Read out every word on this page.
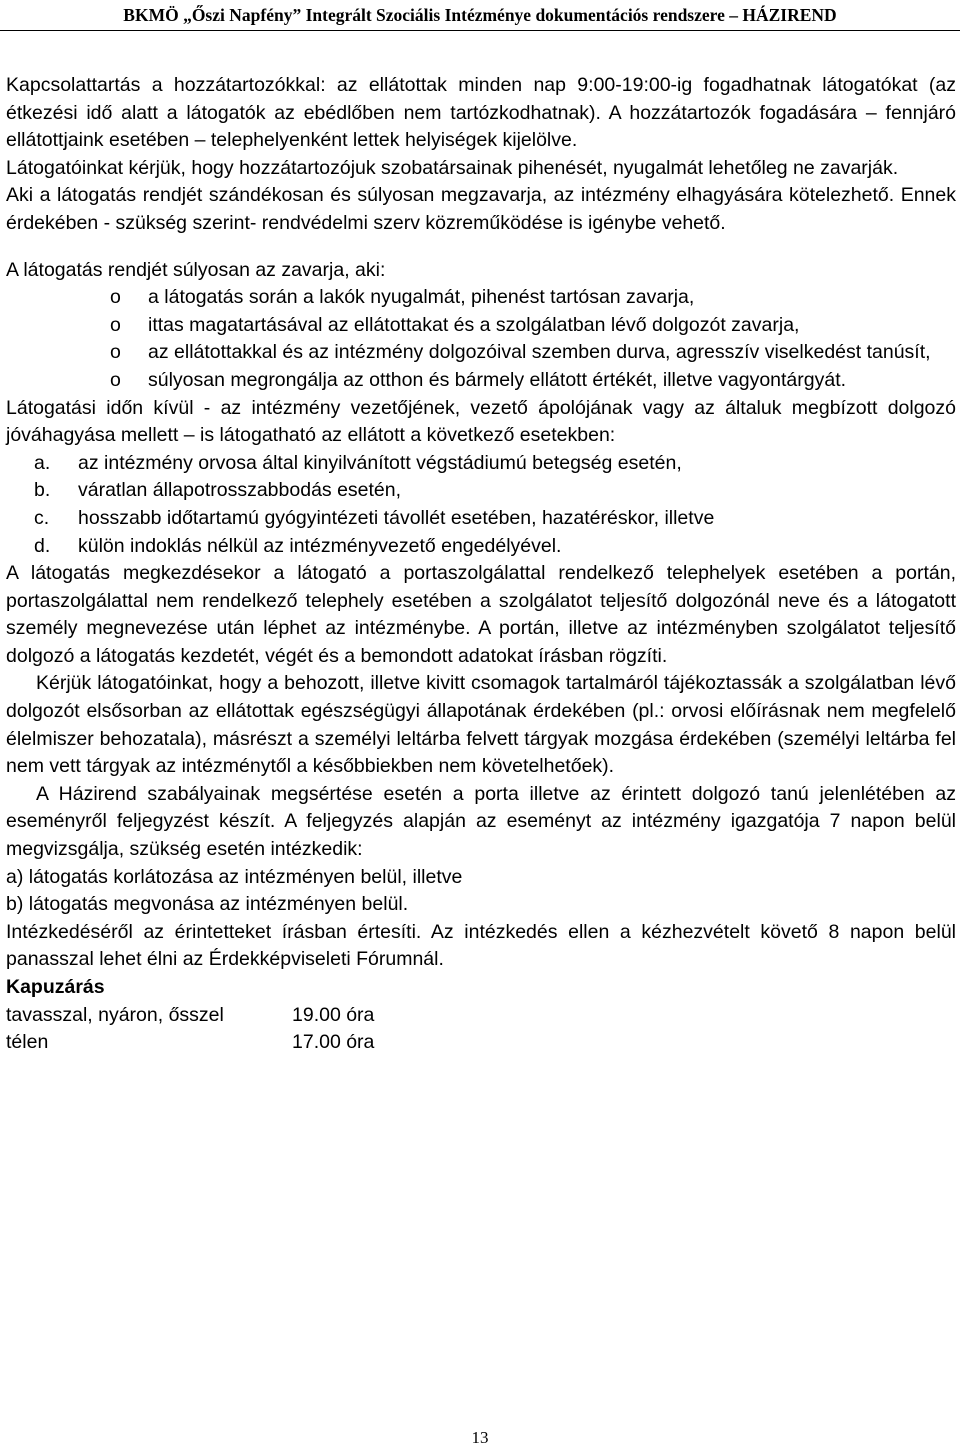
BKMÖ „Őszi Napfény” Integrált Szociális Intézménye dokumentációs rendszere – HÁZIREND

Kapcsolattartás a hozzátartozókkal: az ellátottak minden nap 9:00-19:00-ig fogadhatnak látogatókat (az étkezési idő alatt a látogatók az ebédlőben nem tartózkodhatnak). A hozzátartozók fogadására – fennjáró ellátottjaink esetében – telephelyenként lettek helyiségek kijelölve.

Látogatóinkat kérjük, hogy hozzátartozójuk szobatársainak pihenését, nyugalmát lehetőleg ne zavarják.

Aki a látogatás rendjét szándékosan és súlyosan megzavarja, az intézmény elhagyására kötelezhető. Ennek érdekében - szükség szerint- rendvédelmi szerv közreműködése is igénybe vehető.

A látogatás rendjét súlyosan az zavarja, aki:

o a látogatás során a lakók nyugalmát, pihenést tartósan zavarja,
o ittas magatartásával az ellátottakat és a szolgálatban lévő dolgozót zavarja,
o az ellátottakkal és az intézmény dolgozóival szemben durva, agresszív viselkedést tanúsít,
o súlyosan megrongálja az otthon és bármely ellátott értékét, illetve vagyontárgyát.

Látogatási időn kívül - az intézmény vezetőjének, vezető ápolójának vagy az általuk megbízott dolgozó jóváhagyása mellett – is látogatható az ellátott a következő esetekben:

a. az intézmény orvosa által kinyilvánított végstádiumú betegség esetén,
b. váratlan állapotrosszabbodás esetén,
c. hosszabb időtartamú gyógyintézeti távollét esetében, hazatéréskor, illetve
d. külön indoklás nélkül az intézményvezető engedélyével.

A látogatás megkezdésekor a látogató a portaszolgálattal rendelkező telephelyek esetében a portán, portaszolgálattal nem rendelkező telephely esetében a szolgálatot teljesítő dolgozónál neve és a látogatott személy megnevezése után léphet az intézménybe. A portán, illetve az intézményben szolgálatot teljesítő dolgozó a látogatás kezdetét, végét és a bemondott adatokat írásban rögzíti.

Kérjük látogatóinkat, hogy a behozott, illetve kivitt csomagok tartalmáról tájékoztassák a szolgálatban lévő dolgozót elsősorban az ellátottak egészségügyi állapotának érdekében (pl.: orvosi előírásnak nem megfelelő élelmiszer behozatala), másrészt a személyi leltárba felvett tárgyak mozgása érdekében (személyi leltárba fel nem vett tárgyak az intézménytől a későbbiekben nem követelhetőek).

A Házirend szabályainak megsértése esetén a porta illetve az érintett dolgozó tanú jelenlétében az eseményről feljegyzést készít. A feljegyzés alapján az eseményt az intézmény igazgatója 7 napon belül megvizsgálja, szükség esetén intézkedik:

a) látogatás korlátozása az intézményen belül, illetve

b) látogatás megvonása az intézményen belül.

Intézkedéséről az érintetteket írásban értesíti. Az intézkedés ellen a kézhezvételt követő 8 napon belül panasszal lehet élni az Érdekképviseleti Fórumnál.

Kapuzárás

tavasszal, nyáron, ősszel	19.00 óra
télen	17.00 óra
13
